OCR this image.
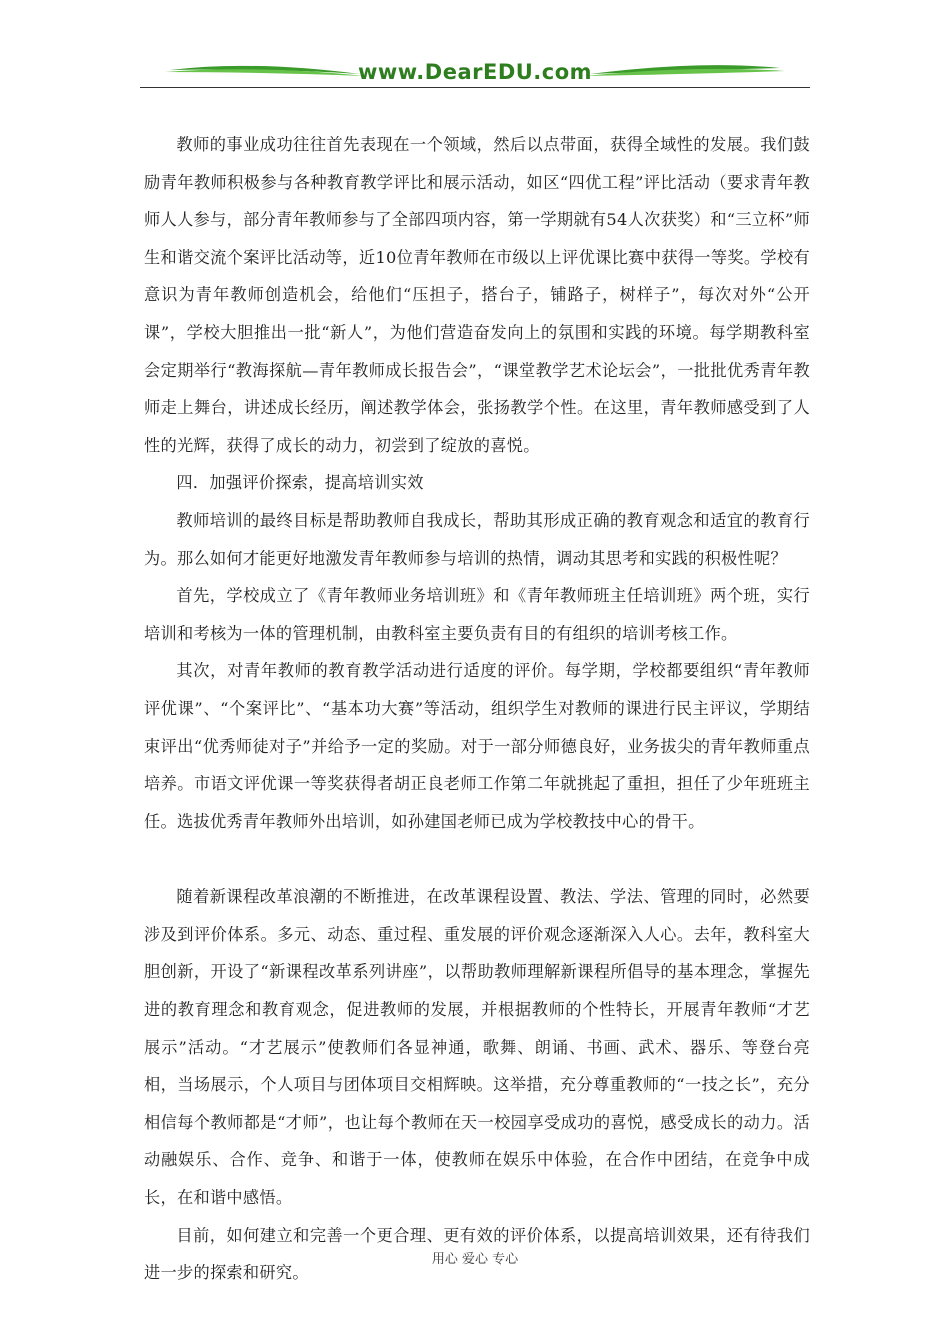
www.DearEDU.com

教师的事业成功往往首先表现在一个领域，然后以点带面，获得全域性的发展。我们鼓励青年教师积极参与各种教育教学评比和展示活动，如区“四优工程”评比活动（要求青年教师人人参与，部分青年教师参与了全部四项内容，第一学期就有54人次获奖）和“三立杯”师生和谐交流个案评比活动等，近10位青年教师在市级以上评优课比赛中获得一等奖。学校有意识为青年教师创造机会，给他们“压担子，搭台子，铺路子，树样子”，每次对外“公开课”，学校大胆推出一批“新人”，为他们营造奋发向上的氛围和实践的环境。每学期教科室会定期举行“教海探航—青年教师成长报告会”，“课堂教学艺术论坛会”，一批批优秀青年教师走上舞台，讲述成长经历，阐述教学体会，张扬教学个性。在这里，青年教师感受到了人性的光辉，获得了成长的动力，初尝到了绽放的喜悦。

四．加强评价探索，提高培训实效

教师培训的最终目标是帮助教师自我成长，帮助其形成正确的教育观念和适宜的教育行为。那么如何才能更好地激发青年教师参与培训的热情，调动其思考和实践的积极性呢？

首先，学校成立了《青年教师业务培训班》和《青年教师班主任培训班》两个班，实行培训和考核为一体的管理机制，由教科室主要负责有目的有组织的培训考核工作。

其次，对青年教师的教育教学活动进行适度的评价。每学期，学校都要组织“青年教师评优课”、“个案评比”、“基本功大赛”等活动，组织学生对教师的课进行民主评议，学期结束评出“优秀师徒对子”并给予一定的奖励。对于一部分师德良好，业务拔尖的青年教师重点培养。市语文评优课一等奖获得者胡正良老师工作第二年就挑起了重担，担任了少年班班主任。选拔优秀青年教师外出培训，如孙建国老师已成为学校教技中心的骨干。

随着新课程改革浪潮的不断推进，在改革课程设置、教法、学法、管理的同时，必然要涉及到评价体系。多元、动态、重过程、重发展的评价观念逐渐深入人心。去年，教科室大胆创新，开设了“新课程改革系列讲座”，以帮助教师理解新课程所倡导的基本理念，掌握先进的教育理念和教育观念，促进教师的发展，并根据教师的个性特长，开展青年教师“才艺展示”活动。“才艺展示”使教师们各显神通，歌舞、朗诵、书画、武术、器乐、等登台亮相，当场展示，个人项目与团体项目交相辉映。这举措，充分尊重教师的“一技之长”，充分相信每个教师都是“才师”，也让每个教师在天一校园享受成功的喜悦，感受成长的动力。活动融娱乐、合作、竞争、和谐于一体，使教师在娱乐中体验，在合作中团结，在竞争中成长，在和谐中感悟。

目前，如何建立和完善一个更合理、更有效的评价体系，以提高培训效果，还有待我们进一步的探索和研究。

用心 爱心 专心
